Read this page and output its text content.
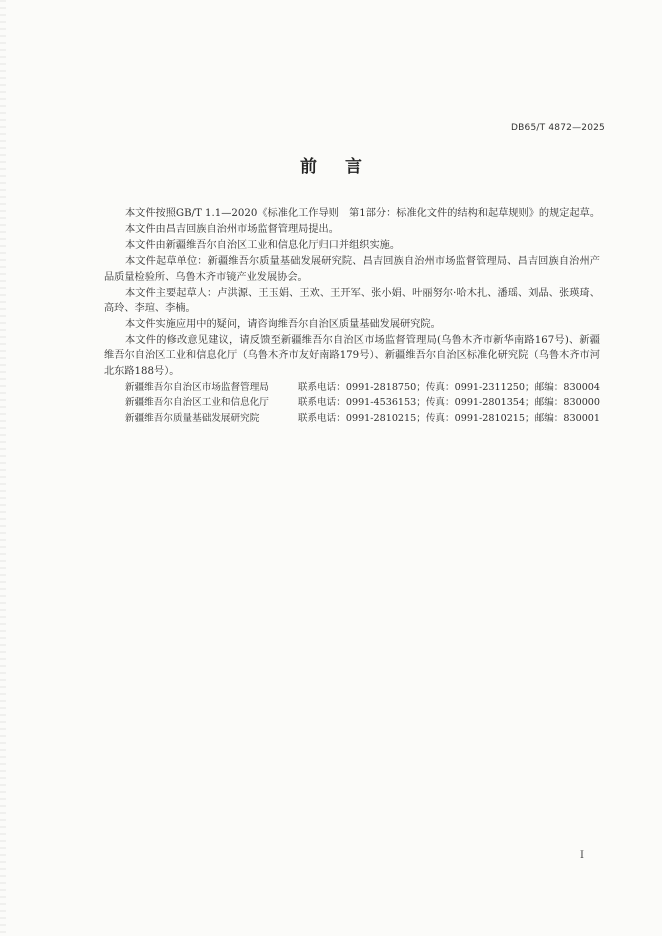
DB65/T 4872—2025
前 言

本文件按照GB/T 1.1—2020《标准化工作导则　第1部分：标准化文件的结构和起草规则》的规定起草。

本文件由昌吉回族自治州市场监督管理局提出。

本文件由新疆维吾尔自治区工业和信息化厅归口并组织实施。

本文件起草单位：新疆维吾尔质量基础发展研究院、昌吉回族自治州市场监督管理局、昌吉回族自治州产品质量检验所、乌鲁木齐市镜产业发展协会。

本文件主要起草人：卢洪源、王玉娟、王欢、王开军、张小娟、叶丽努尔·哈木扎、潘瑶、刘晶、张瑛琦、高玲、李瑄、李楠。

本文件实施应用中的疑问，请咨询维吾尔自治区质量基础发展研究院。

本文件的修改意见建议，请反馈至新疆维吾尔自治区市场监督管理局(乌鲁木齐市新华南路167号)、新疆维吾尔自治区工业和信息化厅（乌鲁木齐市友好南路179号）、新疆维吾尔自治区标准化研究院（乌鲁木齐市河北东路188号）。

新疆维吾尔自治区市场监督管理局	联系电话：0991-2818750；传真：0991-2311250；邮编：830004
新疆维吾尔自治区工业和信息化厅	联系电话：0991-4536153；传真：0991-2801354；邮编：830000
新疆维吾尔质量基础发展研究院	联系电话：0991-2810215；传真：0991-2810215；邮编：830001
I
